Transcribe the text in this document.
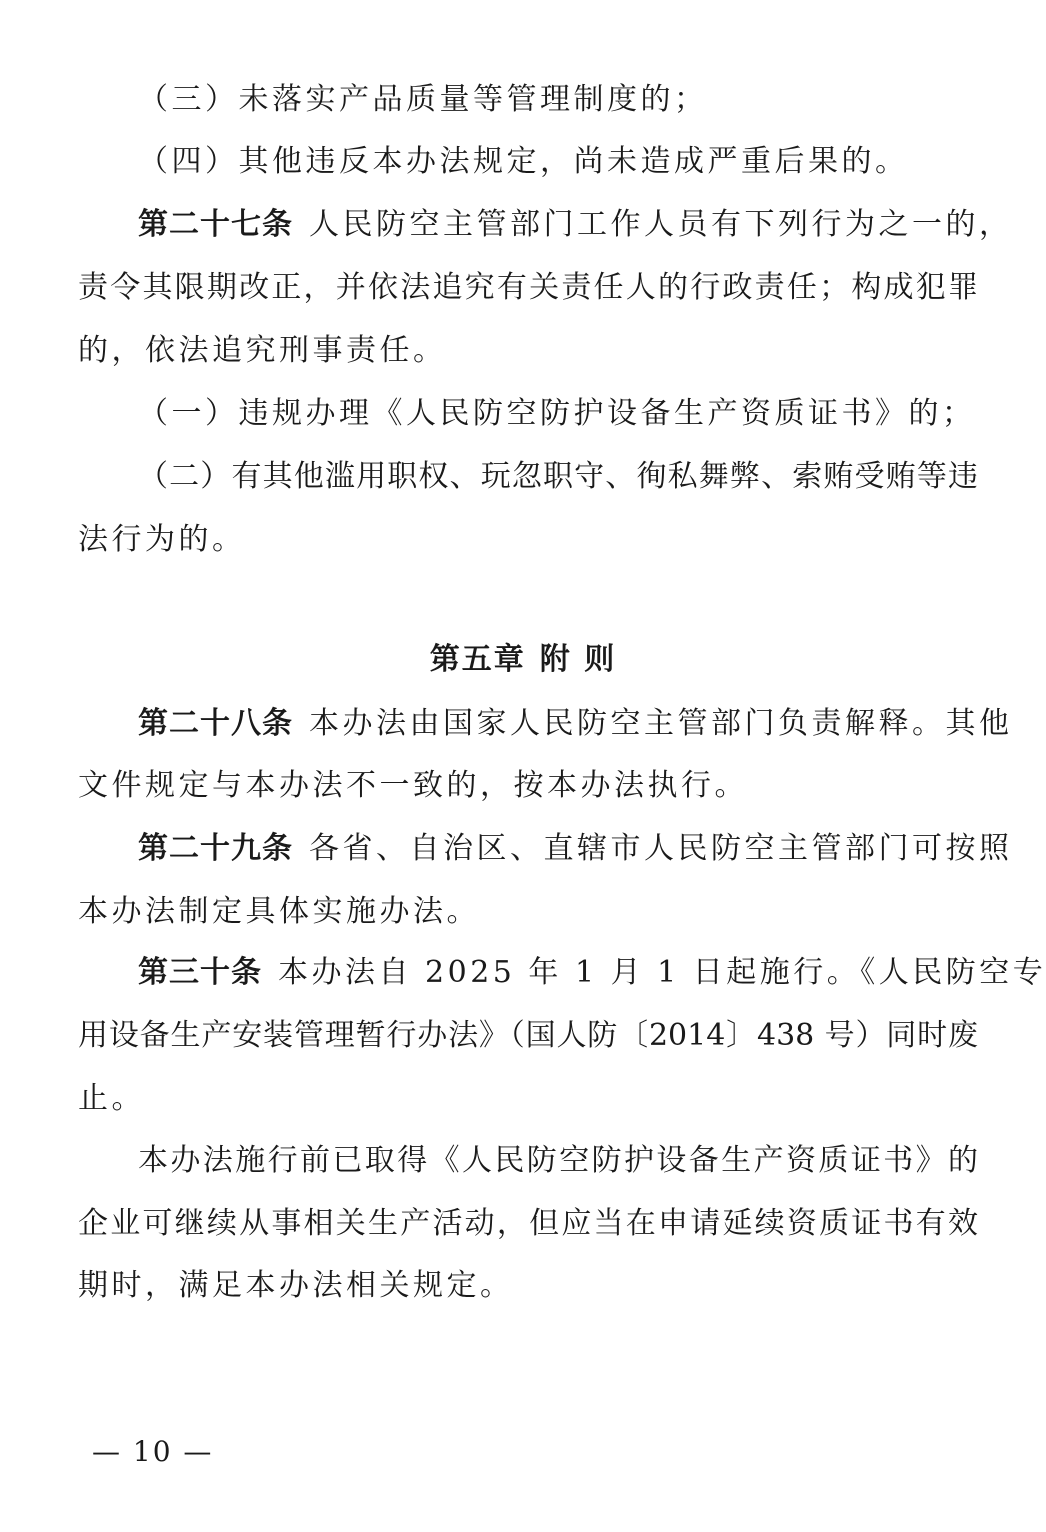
（三）未落实产品质量等管理制度的；
（四）其他违反本办法规定，尚未造成严重后果的。
第二十七条 人民防空主管部门工作人员有下列行为之一的，
责令其限期改正，并依法追究有关责任人的行政责任；构成犯罪
的，依法追究刑事责任。
（一）违规办理《人民防空防护设备生产资质证书》的；
（二）有其他滥用职权、玩忽职守、徇私舞弊、索贿受贿等违
法行为的。
第五章 附 则
第二十八条 本办法由国家人民防空主管部门负责解释。其他
文件规定与本办法不一致的，按本办法执行。
第二十九条 各省、自治区、直辖市人民防空主管部门可按照
本办法制定具体实施办法。
第三十条 本办法自 2025 年 1 月 1 日起施行。《人民防空专
用设备生产安装管理暂行办法》（国人防〔2014〕438 号）同时废
止。
本办法施行前已取得《人民防空防护设备生产资质证书》的
企业可继续从事相关生产活动，但应当在申请延续资质证书有效
期时，满足本办法相关规定。
— 10 —
